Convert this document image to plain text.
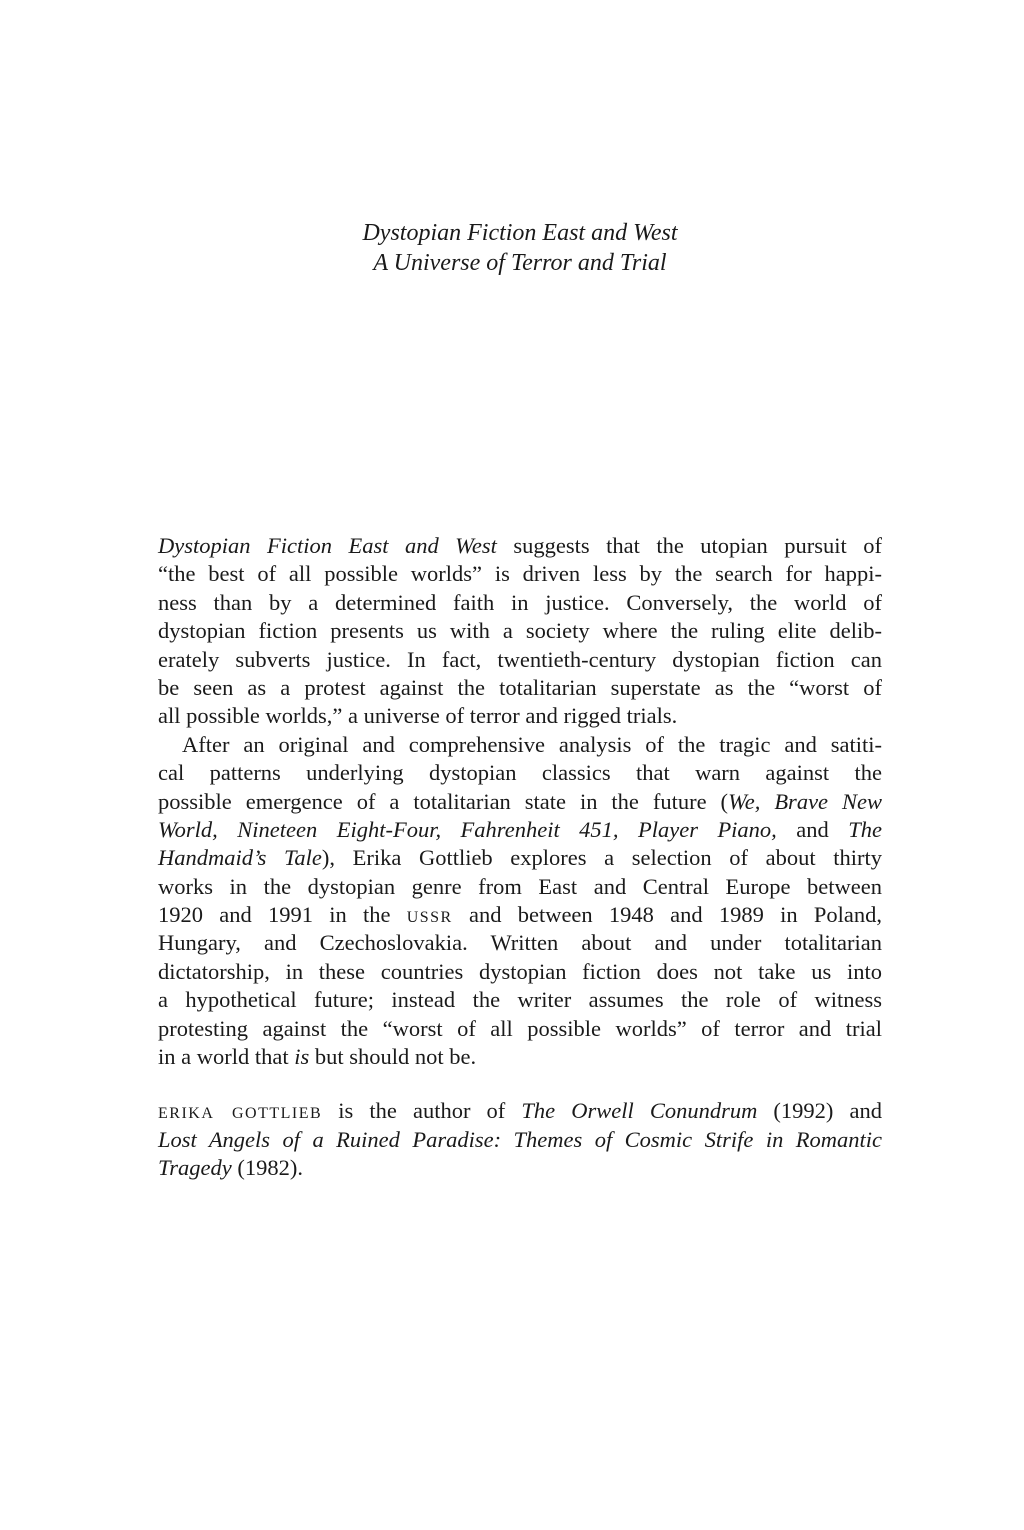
Dystopian Fiction East and West
A Universe of Terror and Trial
Dystopian Fiction East and West suggests that the utopian pursuit of
“the best of all possible worlds” is driven less by the search for happi-
ness than by a determined faith in justice. Conversely, the world of
dystopian fiction presents us with a society where the ruling elite delib-
erately subverts justice. In fact, twentieth-century dystopian fiction can
be seen as a protest against the totalitarian superstate as the “worst of
all possible worlds,” a universe of terror and rigged trials.
After an original and comprehensive analysis of the tragic and satiti-
cal patterns underlying dystopian classics that warn against the
possible emergence of a totalitarian state in the future (We, Brave New
World, Nineteen Eight-Four, Fahrenheit 451, Player Piano, and The
Handmaid’s Tale), Erika Gottlieb explores a selection of about thirty
works in the dystopian genre from East and Central Europe between
1920 and 1991 in the ussr and between 1948 and 1989 in Poland,
Hungary, and Czechoslovakia. Written about and under totalitarian
dictatorship, in these countries dystopian fiction does not take us into
a hypothetical future; instead the writer assumes the role of witness
protesting against the “worst of all possible worlds” of terror and trial
in a world that is but should not be.
erika gottlieb is the author of The Orwell Conundrum (1992) and
Lost Angels of a Ruined Paradise: Themes of Cosmic Strife in Romantic
Tragedy (1982).
